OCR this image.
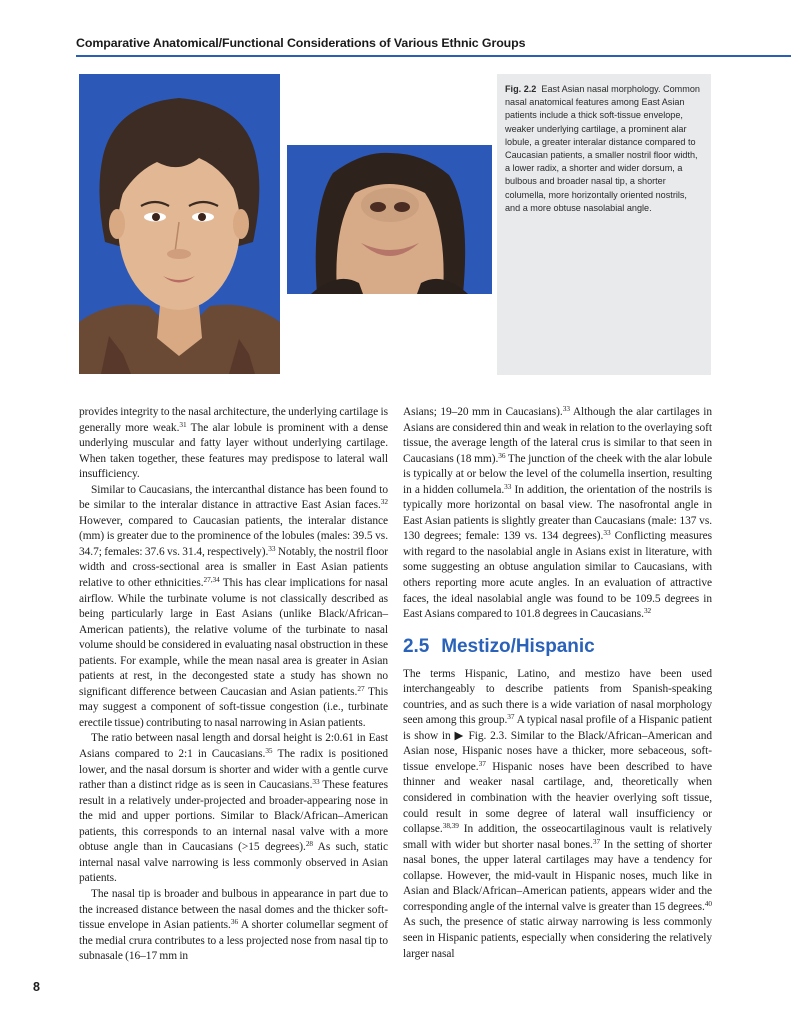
Comparative Anatomical/Functional Considerations of Various Ethnic Groups
Fig. 2.2 East Asian nasal morphology. Common nasal anatomical features among East Asian patients include a thick soft-tissue envelope, weaker underlying cartilage, a prominent alar lobule, a greater interalar distance compared to Caucasian patients, a smaller nostril floor width, a lower radix, a shorter and wider dorsum, a bulbous and broader nasal tip, a shorter columella, more horizontally oriented nostrils, and a more obtuse nasolabial angle.

provides integrity to the nasal architecture, the underlying cartilage is generally more weak.$^{31}$ The alar lobule is prominent with a dense underlying muscular and fatty layer without underlying cartilage. When taken together, these features may predispose to lateral wall insufficiency.

Similar to Caucasians, the intercanthal distance has been found to be similar to the interalar distance in attractive East Asian faces.$^{32}$ However, compared to Caucasian patients, the interalar distance (mm) is greater due to the prominence of the lobules (males: 39.5 vs. 34.7; females: 37.6 vs. 31.4, respectively).$^{33}$ Notably, the nostril floor width and cross-sectional area is smaller in East Asian patients relative to other ethnicities.$^{27,34}$ This has clear implications for nasal airflow. While the turbinate volume is not classically described as being particularly large in East Asians (unlike Black/African–American patients), the relative volume of the turbinate to nasal volume should be considered in evaluating nasal obstruction in these patients. For example, while the mean nasal area is greater in Asian patients at rest, in the decongested state a study has shown no significant difference between Caucasian and Asian patients.$^{27}$ This may suggest a component of soft-tissue congestion (i.e., turbinate erectile tissue) contributing to nasal narrowing in Asian patients.

The ratio between nasal length and dorsal height is 2:0.61 in East Asians compared to 2:1 in Caucasians.$^{35}$ The radix is positioned lower, and the nasal dorsum is shorter and wider with a gentle curve rather than a distinct ridge as is seen in Caucasians.$^{33}$ These features result in a relatively under-projected and broader-appearing nose in the mid and upper portions. Similar to Black/African–American patients, this corresponds to an internal nasal valve with a more obtuse angle than in Caucasians (>15 degrees).$^{28}$ As such, static internal nasal valve narrowing is less commonly observed in Asian patients.

The nasal tip is broader and bulbous in appearance in part due to the increased distance between the nasal domes and the thicker soft-tissue envelope in Asian patients.$^{36}$ A shorter columellar segment of the medial crura contributes to a less projected nose from nasal tip to subnasale (16–17 mm in

Asians; 19–20 mm in Caucasians).$^{33}$ Although the alar cartilages in Asians are considered thin and weak in relation to the overlaying soft tissue, the average length of the lateral crus is similar to that seen in Caucasians (18 mm).$^{36}$ The junction of the cheek with the alar lobule is typically at or below the level of the columella insertion, resulting in a hidden collumela.$^{33}$ In addition, the orientation of the nostrils is typically more horizontal on basal view. The nasofrontal angle in East Asian patients is slightly greater than Caucasians (male: 137 vs. 130 degrees; female: 139 vs. 134 degrees).$^{33}$ Conflicting measures with regard to the nasolabial angle in Asians exist in literature, with some suggesting an obtuse angulation similar to Caucasians, with others reporting more acute angles. In an evaluation of attractive faces, the ideal nasolabial angle was found to be 109.5 degrees in East Asians compared to 101.8 degrees in Caucasians.$^{32}$

2.5 Mestizo/Hispanic

The terms Hispanic, Latino, and mestizo have been used interchangeably to describe patients from Spanish-speaking countries, and as such there is a wide variation of nasal morphology seen among this group.$^{37}$ A typical nasal profile of a Hispanic patient is show in ▶ Fig. 2.3. Similar to the Black/African–American and Asian nose, Hispanic noses have a thicker, more sebaceous, soft-tissue envelope.$^{37}$ Hispanic noses have been described to have thinner and weaker nasal cartilage, and, theoretically when considered in combination with the heavier overlying soft tissue, could result in some degree of lateral wall insufficiency or collapse.$^{38,39}$ In addition, the osseocartilaginous vault is relatively small with wider but shorter nasal bones.$^{37}$ In the setting of shorter nasal bones, the upper lateral cartilages may have a tendency for collapse. However, the mid-vault in Hispanic noses, much like in Asian and Black/African–American patients, appears wider and the corresponding angle of the internal valve is greater than 15 degrees.$^{40}$ As such, the presence of static airway narrowing is less commonly seen in Hispanic patients, especially when considering the relatively larger nasal

8
